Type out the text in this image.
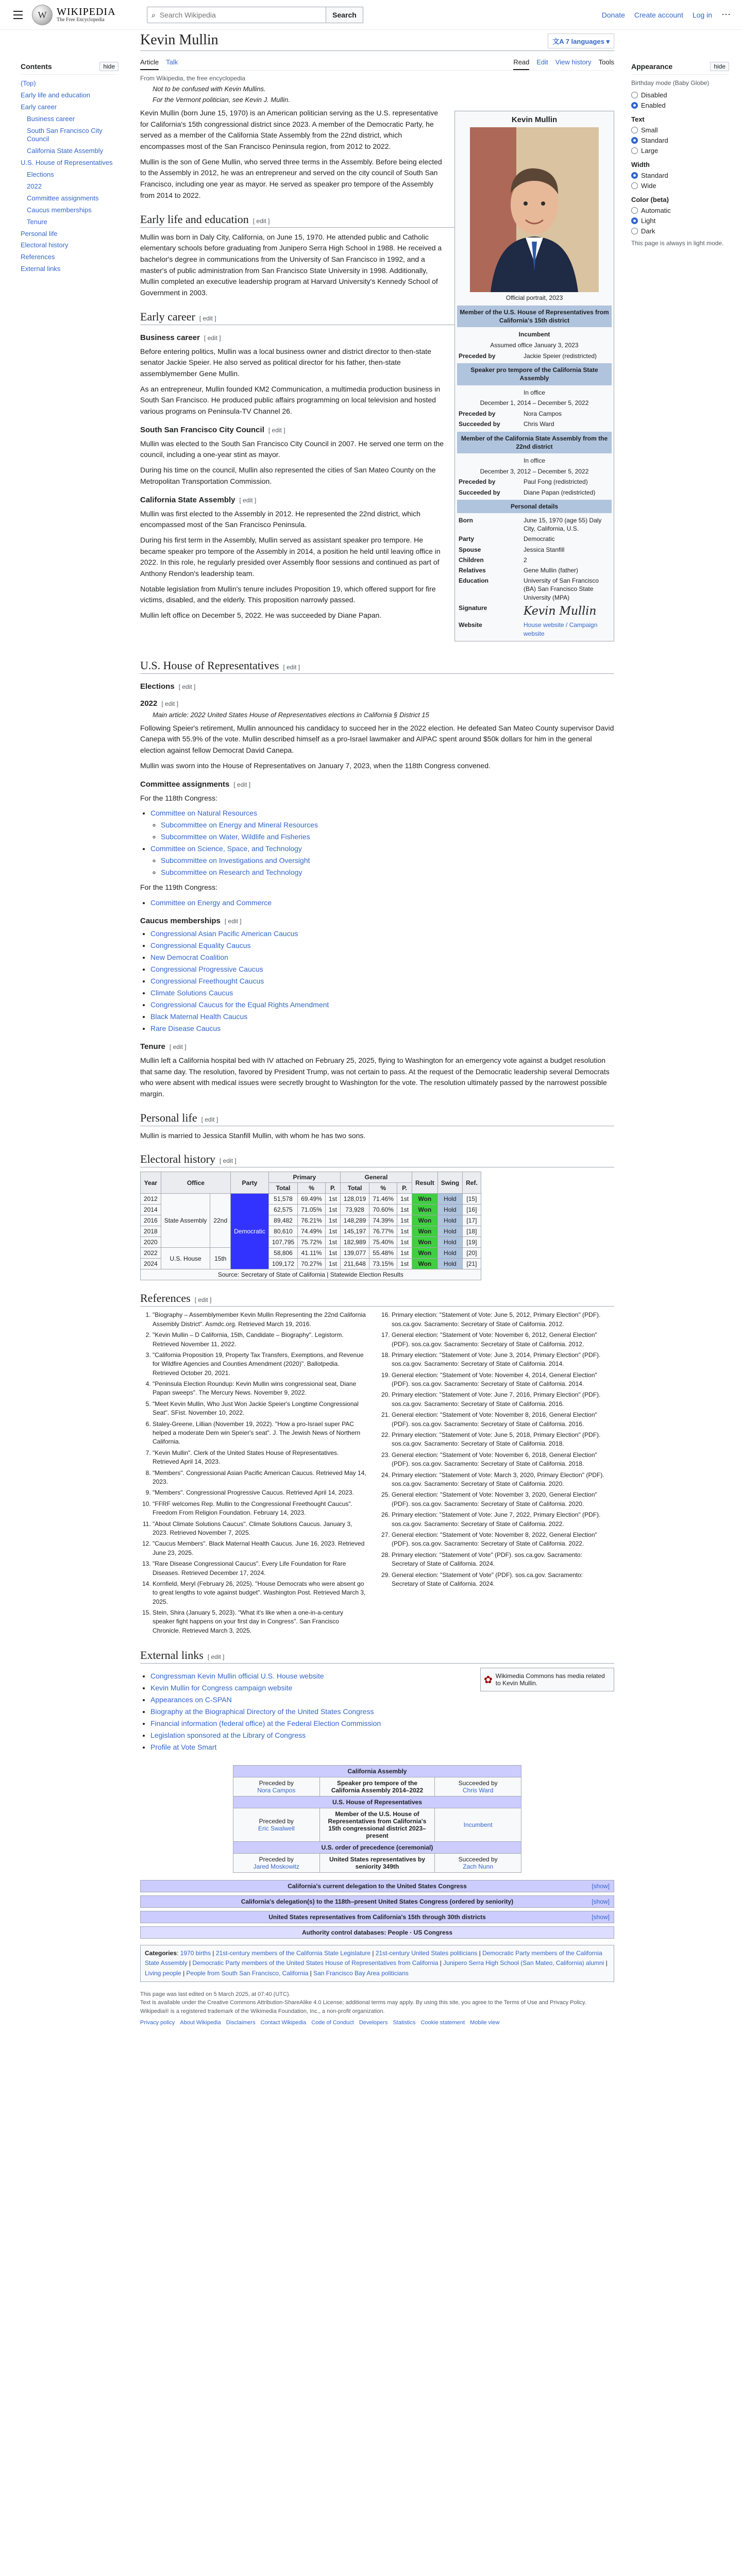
W WIKIPEDIA
The Free Encyclopedia
⌕
Search Wikipedia	Search	Donate Create account Log in ⋯
Contents	hide
(Top)
Early life and education
Early career
Business career
South San Francisco City Council
California State Assembly
U.S. House of Representatives
Elections
2022
Committee assignments
Caucus memberships
Tenure
Personal life
Electoral history
References
External links
Appearance	hide
Birthday mode (Baby Globe)
Disabled
Enabled
Text
Small
Standard
Large
Width
Standard
Wide
Color (beta)
Automatic
Light
Dark
This page is always in light mode.
Kevin Mullin	文A 7 languages ▾
Article Talk	Read Edit View history Tools
From Wikipedia, the free encyclopedia
Not to be confused with Kevin Mullins.
For the Vermont politician, see Kevin J. Mullin.
Kevin Mullin
Official portrait, 2023
Member of the U.S. House of Representatives from California's 15th district
Incumbent
Assumed office January 3, 2023
Preceded by	Jackie Speier (redistricted)
Speaker pro tempore of the California State Assembly
In office
December 1, 2014 – December 5, 2022
Preceded by	Nora Campos
Succeeded by	Chris Ward
Member of the California State Assembly from the 22nd district
In office
December 3, 2012 – December 5, 2022
Preceded by	Paul Fong (redistricted)
Succeeded by	Diane Papan (redistricted)
Personal details
Born	June 15, 1970 (age 55) Daly City, California, U.S.
Party	Democratic
Spouse	Jessica Stanfill
Children	2
Relatives	Gene Mullin (father)
Education	University of San Francisco (BA) San Francisco State University (MPA)
Signature	Kevin Mullin
Website	House website / Campaign website

Kevin Mullin (born June 15, 1970) is an American politician serving as the U.S. representative for California's 15th congressional district since 2023. A member of the Democratic Party, he served as a member of the California State Assembly from the 22nd district, which encompasses most of the San Francisco Peninsula region, from 2012 to 2022.

Mullin is the son of Gene Mullin, who served three terms in the Assembly. Before being elected to the Assembly in 2012, he was an entrepreneur and served on the city council of South San Francisco, including one year as mayor. He served as speaker pro tempore of the Assembly from 2014 to 2022.

Early life and education [ edit ]

Mullin was born in Daly City, California, on June 15, 1970. He attended public and Catholic elementary schools before graduating from Junipero Serra High School in 1988. He received a bachelor's degree in communications from the University of San Francisco in 1992, and a master's of public administration from San Francisco State University in 1998. Additionally, Mullin completed an executive leadership program at Harvard University's Kennedy School of Government in 2003.

Early career [ edit ]
Business career [ edit ]

Before entering politics, Mullin was a local business owner and district director to then-state senator Jackie Speier. He also served as political director for his father, then-state assemblymember Gene Mullin.

As an entrepreneur, Mullin founded KM2 Communication, a multimedia production business in South San Francisco. He produced public affairs programming on local television and hosted various programs on Peninsula-TV Channel 26.

South San Francisco City Council [ edit ]

Mullin was elected to the South San Francisco City Council in 2007. He served one term on the council, including a one-year stint as mayor.

During his time on the council, Mullin also represented the cities of San Mateo County on the Metropolitan Transportation Commission.

California State Assembly [ edit ]

Mullin was first elected to the Assembly in 2012. He represented the 22nd district, which encompassed most of the San Francisco Peninsula.

During his first term in the Assembly, Mullin served as assistant speaker pro tempore. He became speaker pro tempore of the Assembly in 2014, a position he held until leaving office in 2022. In this role, he regularly presided over Assembly floor sessions and continued as part of Anthony Rendon's leadership team.

Notable legislation from Mullin's tenure includes Proposition 19, which offered support for fire victims, disabled, and the elderly. This proposition narrowly passed.

Mullin left office on December 5, 2022. He was succeeded by Diane Papan.

U.S. House of Representatives [ edit ]
Elections [ edit ]
2022 [ edit ]
Main article: 2022 United States House of Representatives elections in California § District 15

Following Speier's retirement, Mullin announced his candidacy to succeed her in the 2022 election. He defeated San Mateo County supervisor David Canepa with 55.9% of the vote. Mullin described himself as a pro-Israel lawmaker and AIPAC spent around $50k dollars for him in the general election against fellow Democrat David Canepa.

Mullin was sworn into the House of Representatives on January 7, 2023, when the 118th Congress convened.

Committee assignments [ edit ]

For the 118th Congress:

• Committee on Natural Resources
◦ Subcommittee on Energy and Mineral Resources
◦ Subcommittee on Water, Wildlife and Fisheries
• Committee on Science, Space, and Technology
◦ Subcommittee on Investigations and Oversight
◦ Subcommittee on Research and Technology

For the 119th Congress:

• Committee on Energy and Commerce
Caucus memberships [ edit ]
• Congressional Asian Pacific American Caucus
• Congressional Equality Caucus
• New Democrat Coalition
• Congressional Progressive Caucus
• Congressional Freethought Caucus
• Climate Solutions Caucus
• Congressional Caucus for the Equal Rights Amendment
• Black Maternal Health Caucus
• Rare Disease Caucus
Tenure [ edit ]

Mullin left a California hospital bed with IV attached on February 25, 2025, flying to Washington for an emergency vote against a budget resolution that same day. The resolution, favored by President Trump, was not certain to pass. At the request of the Democratic leadership several Democrats who were absent with medical issues were secretly brought to Washington for the vote. The resolution ultimately passed by the narrowest possible margin.

Personal life [ edit ]

Mullin is married to Jessica Stanfill Mullin, with whom he has two sons.

Electoral history [ edit ]
Year	Office		Party	Primary			General			Result	Swing	Ref.
				Total	%	P.	Total	%	P.			
2012	State Assembly	22nd	Democratic	51,578	69.49%	1st	128,019	71.46%	1st	Won	Hold	[15]
2014				62,575	71.05%	1st	73,928	70.60%	1st	Won	Hold	[16]
2016				89,482	76.21%	1st	148,289	74.39%	1st	Won	Hold	[17]
2018				80,610	74.49%	1st	145,197	76.77%	1st	Won	Hold	[18]
2020				107,795	75.72%	1st	182,989	75.40%	1st	Won	Hold	[19]
2022	U.S. House	15th		58,806	41.11%	1st	139,077	55.48%	1st	Won	Hold	[20]
2024				109,172	70.27%	1st	211,648	73.15%	1st	Won	Hold	[21]
Source: Secretary of State of California | Statewide Election Results												
References [ edit ]
1. "Biography – Assemblymember Kevin Mullin Representing the 22nd California Assembly District". Asmdc.org. Retrieved March 19, 2016.
2. "Kevin Mullin – D California, 15th, Candidate – Biography". Legistorm. Retrieved November 11, 2022.
3. "California Proposition 19, Property Tax Transfers, Exemptions, and Revenue for Wildfire Agencies and Counties Amendment (2020)". Ballotpedia. Retrieved October 20, 2021.
4. "Peninsula Election Roundup: Kevin Mullin wins congressional seat, Diane Papan sweeps". The Mercury News. November 9, 2022.
5. "Meet Kevin Mullin, Who Just Won Jackie Speier's Longtime Congressional Seat". SFist. November 10, 2022.
6. Staley-Greene, Lillian (November 19, 2022). "How a pro-Israel super PAC helped a moderate Dem win Speier's seat". J. The Jewish News of Northern California.
7. "Kevin Mullin". Clerk of the United States House of Representatives. Retrieved April 14, 2023.
8. "Members". Congressional Asian Pacific American Caucus. Retrieved May 14, 2023.
9. "Members". Congressional Progressive Caucus. Retrieved April 14, 2023.
10. "FFRF welcomes Rep. Mullin to the Congressional Freethought Caucus". Freedom From Religion Foundation. February 14, 2023.
11. "About Climate Solutions Caucus". Climate Solutions Caucus. January 3, 2023. Retrieved November 7, 2025.
12. "Caucus Members". Black Maternal Health Caucus. June 16, 2023. Retrieved June 23, 2025.
13. "Rare Disease Congressional Caucus". Every Life Foundation for Rare Diseases. Retrieved December 17, 2024.
14. Kornfield, Meryl (February 26, 2025). "House Democrats who were absent go to great lengths to vote against budget". Washington Post. Retrieved March 3, 2025.
15. Stein, Shira (January 5, 2023). "What it's like when a one-in-a-century speaker fight happens on your first day in Congress". San Francisco Chronicle. Retrieved March 3, 2025.
16. Primary election: "Statement of Vote: June 5, 2012, Primary Election" (PDF). sos.ca.gov. Sacramento: Secretary of State of California. 2012.
17. General election: "Statement of Vote: November 6, 2012, General Election" (PDF). sos.ca.gov. Sacramento: Secretary of State of California. 2012.
18. Primary election: "Statement of Vote: June 3, 2014, Primary Election" (PDF). sos.ca.gov. Sacramento: Secretary of State of California. 2014.
19. General election: "Statement of Vote: November 4, 2014, General Election" (PDF). sos.ca.gov. Sacramento: Secretary of State of California. 2014.
20. Primary election: "Statement of Vote: June 7, 2016, Primary Election" (PDF). sos.ca.gov. Sacramento: Secretary of State of California. 2016.
21. General election: "Statement of Vote: November 8, 2016, General Election" (PDF). sos.ca.gov. Sacramento: Secretary of State of California. 2016.
22. Primary election: "Statement of Vote: June 5, 2018, Primary Election" (PDF). sos.ca.gov. Sacramento: Secretary of State of California. 2018.
23. General election: "Statement of Vote: November 6, 2018, General Election" (PDF). sos.ca.gov. Sacramento: Secretary of State of California. 2018.
24. Primary election: "Statement of Vote: March 3, 2020, Primary Election" (PDF). sos.ca.gov. Sacramento: Secretary of State of California. 2020.
25. General election: "Statement of Vote: November 3, 2020, General Election" (PDF). sos.ca.gov. Sacramento: Secretary of State of California. 2020.
26. Primary election: "Statement of Vote: June 7, 2022, Primary Election" (PDF). sos.ca.gov. Sacramento: Secretary of State of California. 2022.
27. General election: "Statement of Vote: November 8, 2022, General Election" (PDF). sos.ca.gov. Sacramento: Secretary of State of California. 2022.
28. Primary election: "Statement of Vote" (PDF). sos.ca.gov. Sacramento: Secretary of State of California. 2024.
29. General election: "Statement of Vote" (PDF). sos.ca.gov. Sacramento: Secretary of State of California. 2024.
External links [ edit ]
• Congressman Kevin Mullin official U.S. House website
• Kevin Mullin for Congress campaign website
• Appearances on C-SPAN
• Biography at the Biographical Directory of the United States Congress
• Financial information (federal office) at the Federal Election Commission
• Legislation sponsored at the Library of Congress
• Profile at Vote Smart
✿ Wikimedia Commons has media related to Kevin Mullin.
California Assembly		

Preceded by
Nora Campos	Speaker pro tempore of the California Assembly 2014–2022	Succeeded by
Chris Ward
U.S. House of Representatives		

Preceded by
Eric Swalwell	Member of the U.S. House of Representatives from California's 15th congressional district 2023–present	Incumbent
U.S. order of precedence (ceremonial)		

Preceded by
Jared Moskowitz	United States representatives by seniority 349th	Succeeded by
Zach Nunn
California's current delegation to the United States Congress	[show]
California's delegation(s) to the 118th–present United States Congress (ordered by seniority)	[show]
United States representatives from California's 15th through 30th districts	[show]
Authority control databases: People · US Congress
Categories: 1970 births | 21st-century members of the California State Legislature | 21st-century United States politicians | Democratic Party members of the California State Assembly | Democratic Party members of the United States House of Representatives from California | Junipero Serra High School (San Mateo, California) alumni | Living people | People from South San Francisco, California | San Francisco Bay Area politicians
This page was last edited on 5 March 2025, at 07:40 (UTC).
Text is available under the Creative Commons Attribution-ShareAlike 4.0 License; additional terms may apply. By using this site, you agree to the Terms of Use and Privacy Policy. Wikipedia® is a registered trademark of the Wikimedia Foundation, Inc., a non-profit organization.
Privacy policy About Wikipedia Disclaimers Contact Wikipedia Code of Conduct Developers Statistics Cookie statement Mobile view
